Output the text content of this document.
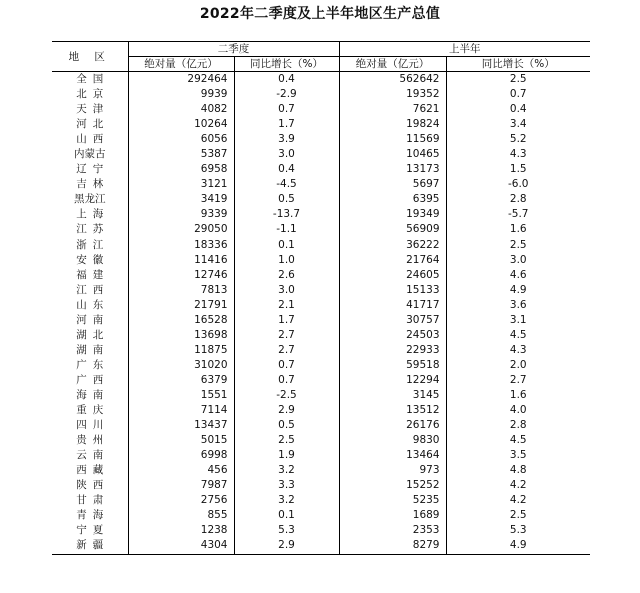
2022年二季度及上半年地区生产总值
地 区	二季度		上半年	
	绝对量（亿元）	同比增长（%）	绝对量（亿元）	同比增长（%）
全国	292464	0.4	562642	2.5
北京	9939	-2.9	19352	0.7
天津	4082	0.7	7621	0.4
河北	10264	1.7	19824	3.4
山西	6056	3.9	11569	5.2
内蒙古	5387	3.0	10465	4.3
辽宁	6958	0.4	13173	1.5
吉林	3121	-4.5	5697	-6.0
黑龙江	3419	0.5	6395	2.8
上海	9339	-13.7	19349	-5.7
江苏	29050	-1.1	56909	1.6
浙江	18336	0.1	36222	2.5
安徽	11416	1.0	21764	3.0
福建	12746	2.6	24605	4.6
江西	7813	3.0	15133	4.9
山东	21791	2.1	41717	3.6
河南	16528	1.7	30757	3.1
湖北	13698	2.7	24503	4.5
湖南	11875	2.7	22933	4.3
广东	31020	0.7	59518	2.0
广西	6379	0.7	12294	2.7
海南	1551	-2.5	3145	1.6
重庆	7114	2.9	13512	4.0
四川	13437	0.5	26176	2.8
贵州	5015	2.5	9830	4.5
云南	6998	1.9	13464	3.5
西藏	456	3.2	973	4.8
陕西	7987	3.3	15252	4.2
甘肃	2756	3.2	5235	4.2
青海	855	0.1	1689	2.5
宁夏	1238	5.3	2353	5.3
新疆	4304	2.9	8279	4.9
